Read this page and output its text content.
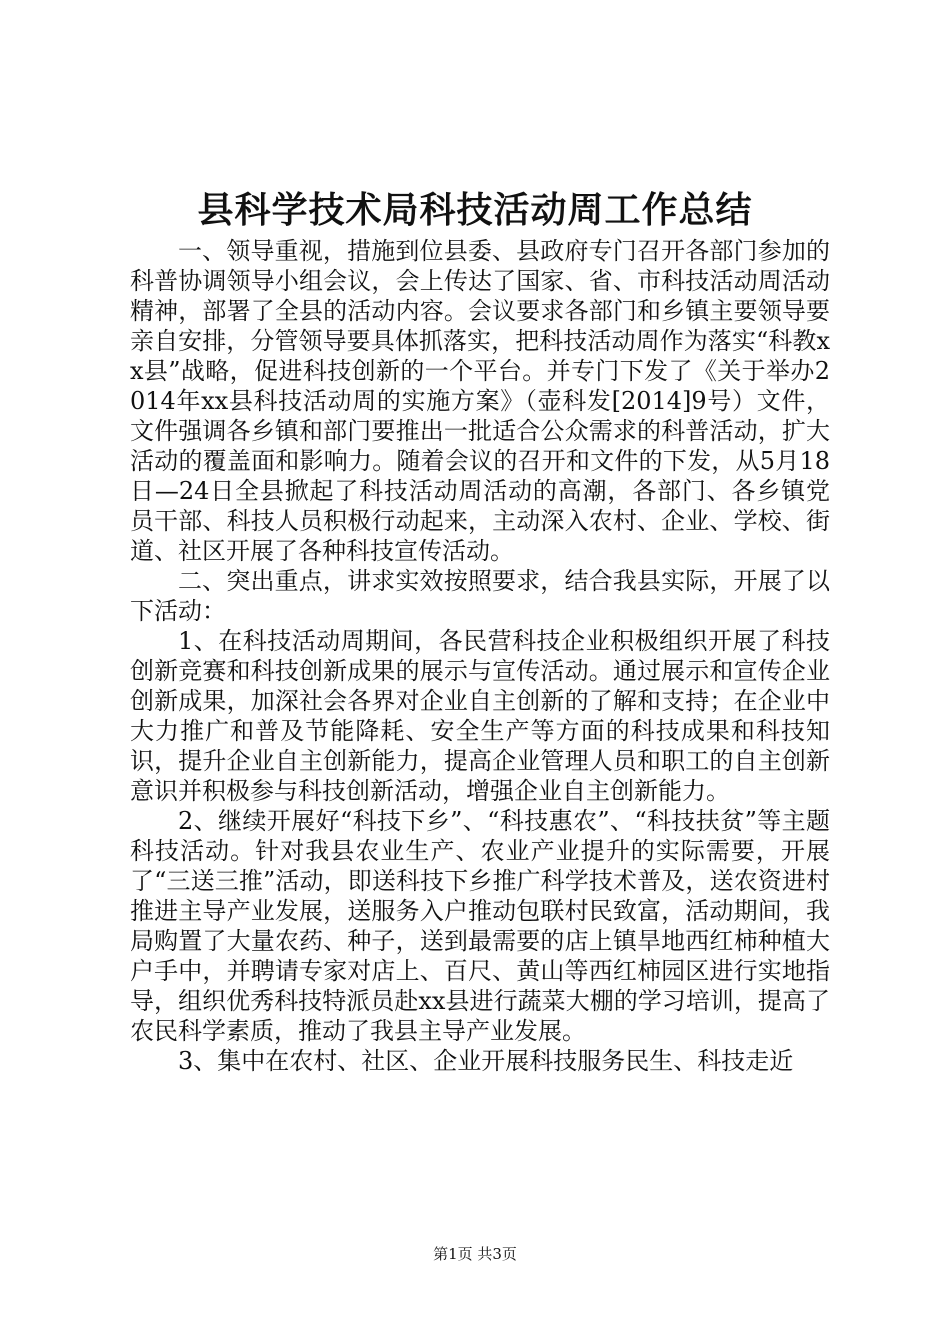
县科学技术局科技活动周工作总结

一、领导重视，措施到位县委、县政府专门召开各部门参加的科普协调领导小组会议，会上传达了国家、省、市科技活动周活动精神，部署了全县的活动内容。会议要求各部门和乡镇主要领导要亲自安排，分管领导要具体抓落实，把科技活动周作为落实“科教xx县”战略，促进科技创新的一个平台。并专门下发了《关于举办2014年xx县科技活动周的实施方案》（壶科发[2014]9号）文件，文件强调各乡镇和部门要推出一批适合公众需求的科普活动，扩大活动的覆盖面和影响力。随着会议的召开和文件的下发，从5月18日—24日全县掀起了科技活动周活动的高潮，各部门、各乡镇党员干部、科技人员积极行动起来，主动深入农村、企业、学校、街道、社区开展了各种科技宣传活动。

二、突出重点，讲求实效按照要求，结合我县实际，开展了以下活动：

1、在科技活动周期间，各民营科技企业积极组织开展了科技创新竞赛和科技创新成果的展示与宣传活动。通过展示和宣传企业创新成果，加深社会各界对企业自主创新的了解和支持；在企业中大力推广和普及节能降耗、安全生产等方面的科技成果和科技知识，提升企业自主创新能力，提高企业管理人员和职工的自主创新意识并积极参与科技创新活动，增强企业自主创新能力。

2、继续开展好“科技下乡”、“科技惠农”、“科技扶贫”等主题科技活动。针对我县农业生产、农业产业提升的实际需要，开展了“三送三推”活动，即送科技下乡推广科学技术普及，送农资进村推进主导产业发展，送服务入户推动包联村民致富，活动期间，我局购置了大量农药、种子，送到最需要的店上镇旱地西红柿种植大户手中，并聘请专家对店上、百尺、黄山等西红柿园区进行实地指导，组织优秀科技特派员赴xx县进行蔬菜大棚的学习培训，提高了农民科学素质，推动了我县主导产业发展。

3、集中在农村、社区、企业开展科技服务民生、科技走近

第1页 共3页
